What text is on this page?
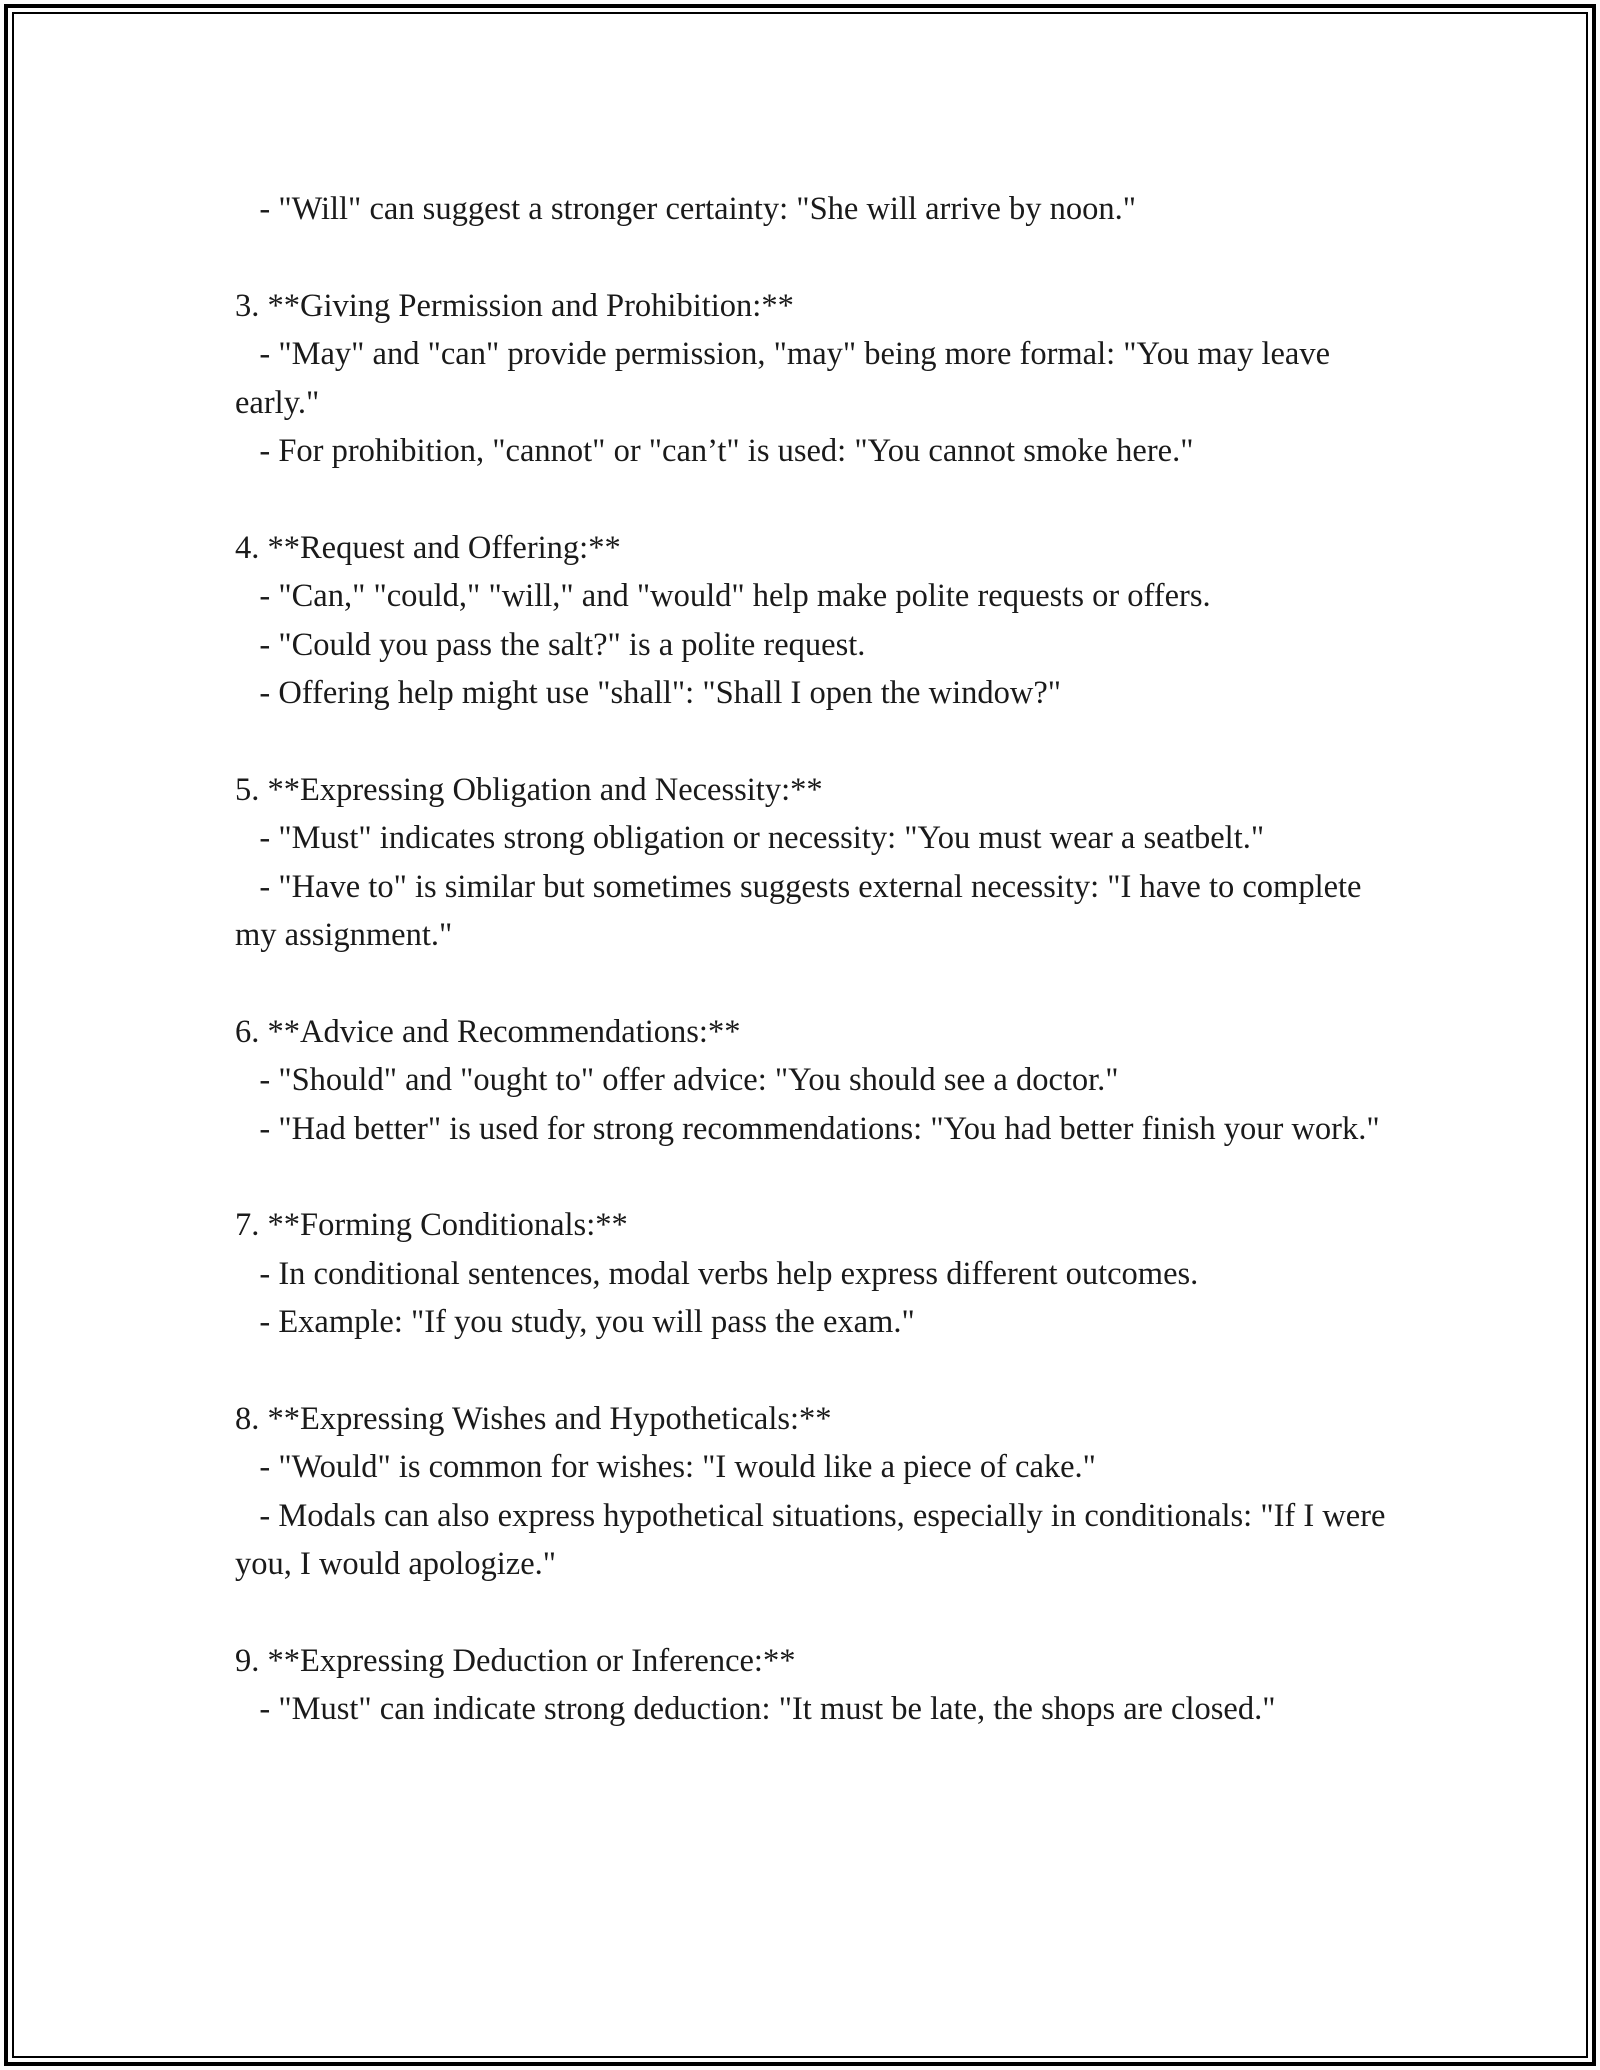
- "Will" can suggest a stronger certainty: "She will arrive by noon."
3. **Giving Permission and Prohibition:**
- "May" and "can" provide permission, "may" being more formal: "You may leave early."
- For prohibition, "cannot" or "can’t" is used: "You cannot smoke here."
4. **Request and Offering:**
- "Can," "could," "will," and "would" help make polite requests or offers.
- "Could you pass the salt?" is a polite request.
- Offering help might use "shall": "Shall I open the window?"
5. **Expressing Obligation and Necessity:**
- "Must" indicates strong obligation or necessity: "You must wear a seatbelt."
- "Have to" is similar but sometimes suggests external necessity: "I have to complete my assignment."
6. **Advice and Recommendations:**
- "Should" and "ought to" offer advice: "You should see a doctor."
- "Had better" is used for strong recommendations: "You had better finish your work."
7. **Forming Conditionals:**
- In conditional sentences, modal verbs help express different outcomes.
- Example: "If you study, you will pass the exam."
8. **Expressing Wishes and Hypotheticals:**
- "Would" is common for wishes: "I would like a piece of cake."
- Modals can also express hypothetical situations, especially in conditionals: "If I were you, I would apologize."
9. **Expressing Deduction or Inference:**
- "Must" can indicate strong deduction: "It must be late, the shops are closed."
